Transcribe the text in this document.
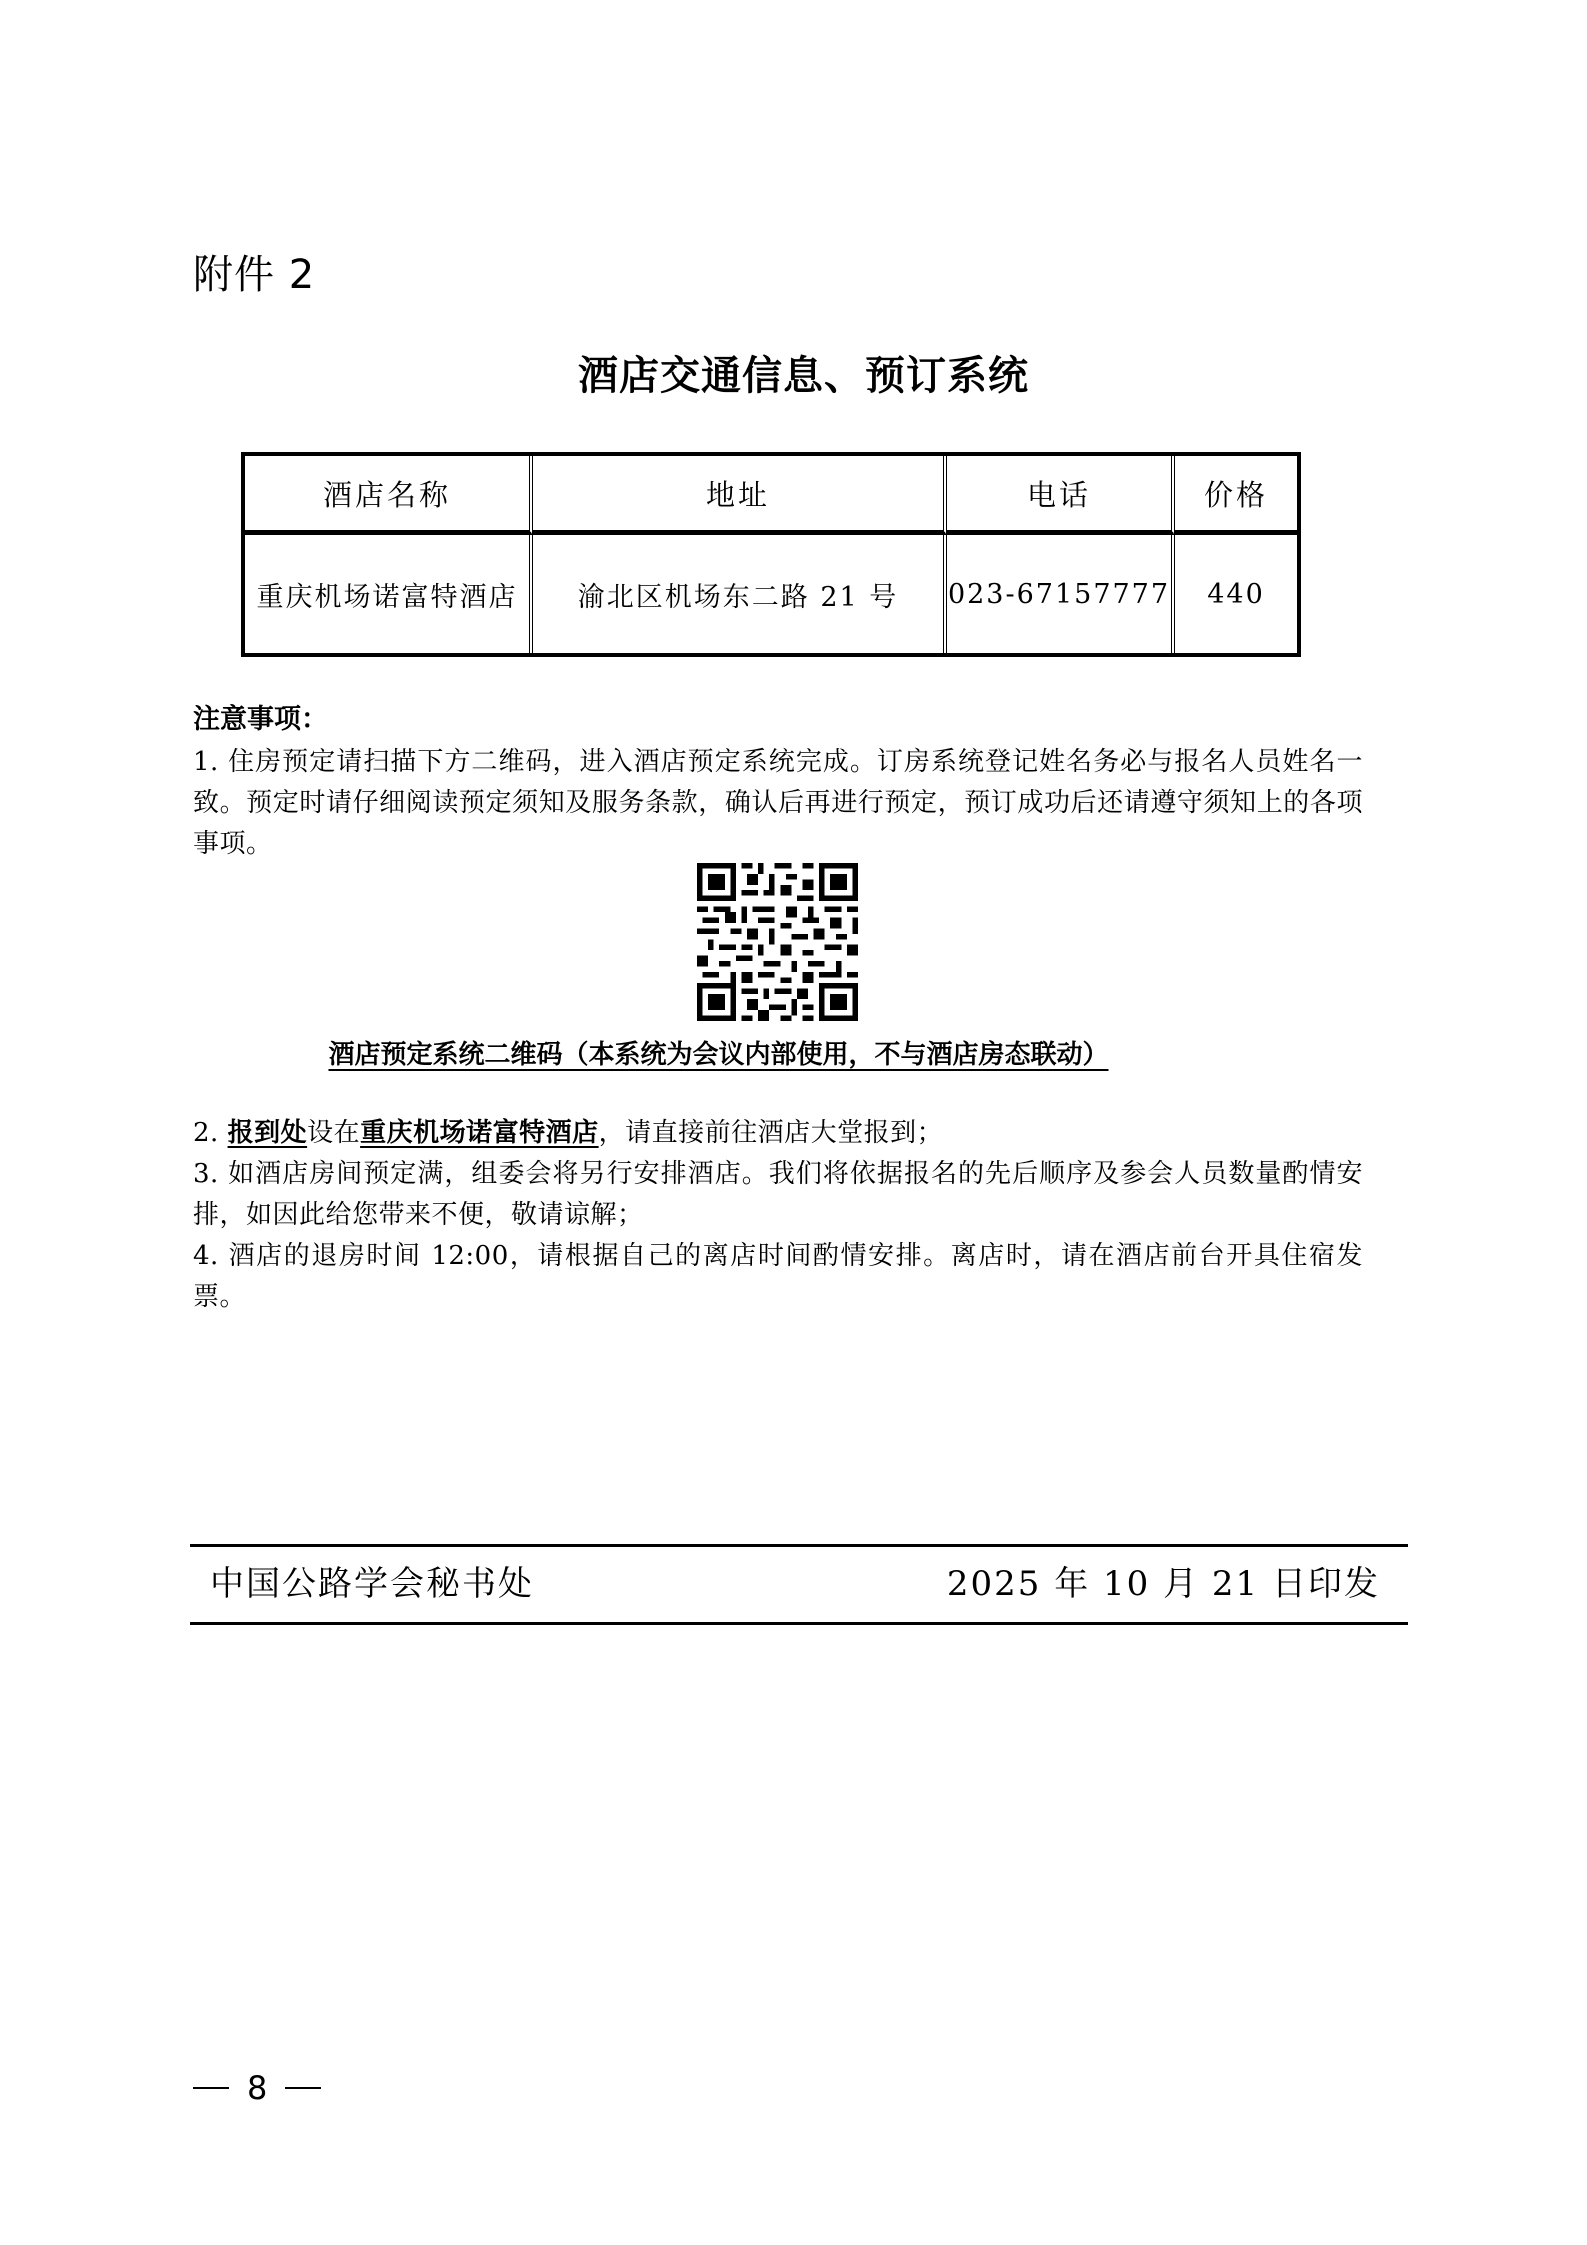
附件 2
酒店交通信息、预订系统
酒店名称	地址	电话	价格
重庆机场诺富特酒店	渝北区机场东二路 21 号	023-67157777	440
注意事项：
1. 住房预定请扫描下方二维码，进入酒店预定系统完成。订房系统登记姓名务必与报名人员姓名一致。预定时请仔细阅读预定须知及服务条款，确认后再进行预定，预订成功后还请遵守须知上的各项事项。
酒店预定系统二维码（本系统为会议内部使用，不与酒店房态联动）
2. 报到处设在重庆机场诺富特酒店，请直接前往酒店大堂报到；
3. 如酒店房间预定满，组委会将另行安排酒店。我们将依据报名的先后顺序及参会人员数量酌情安排，如因此给您带来不便，敬请谅解；
4. 酒店的退房时间 12:00，请根据自己的离店时间酌情安排。离店时，请在酒店前台开具住宿发票。
中国公路学会秘书处	2025 年 10 月 21 日印发
8
